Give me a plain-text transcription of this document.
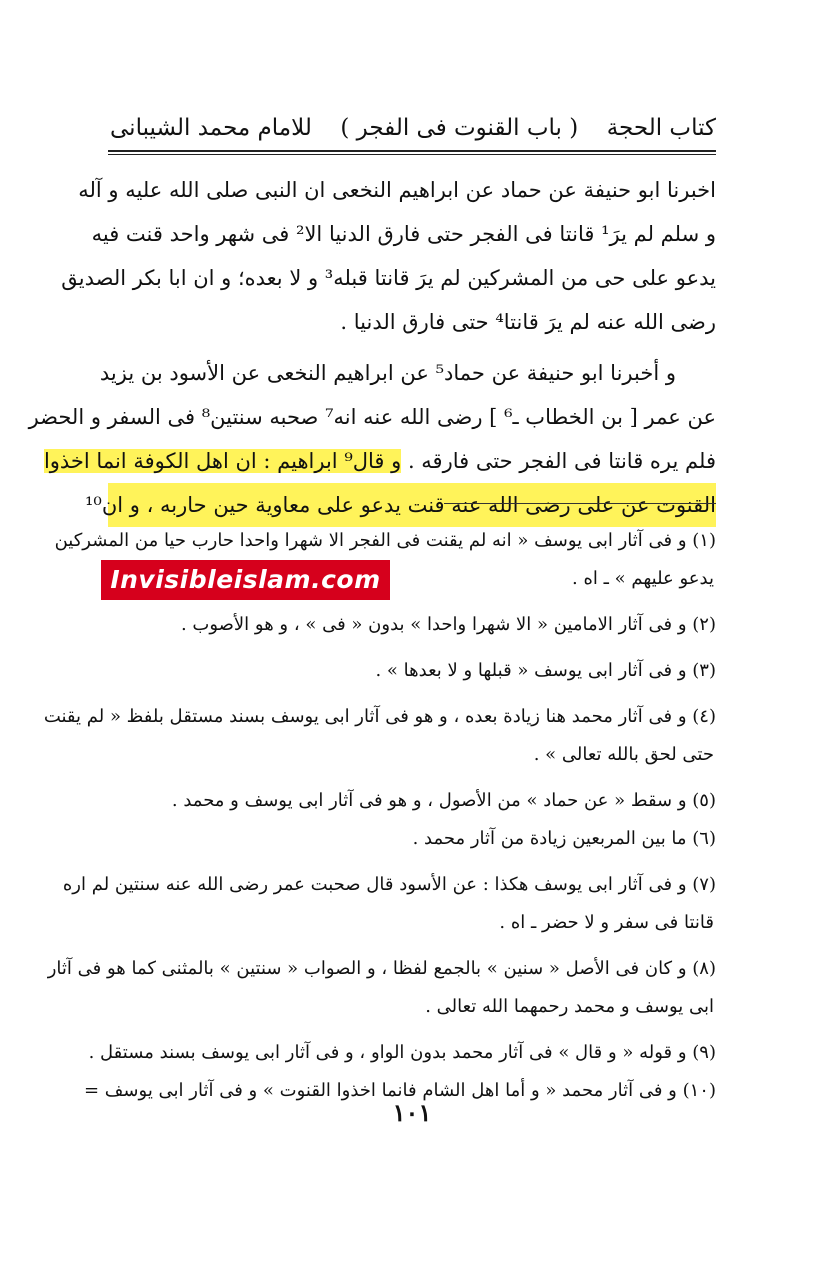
كتاب الحجة
( باب القنوت فى الفجر )
للامام محمد الشيبانى
اخبرنا ابو حنيفة عن حماد عن ابراهيم النخعى ان النبى صلى الله عليه و آله
و سلم لم يرَ¹ قانتا فى الفجر حتى فارق الدنيا الا² فى شهر واحد قنت فيه
يدعو على حى من المشركين لم يرَ قانتا قبله³ و لا بعده؛ و ان ابا بكر الصديق
رضى الله عنه لم يرَ قانتا⁴ حتى فارق الدنيا .
و أخبرنا ابو حنيفة عن حماد⁵ عن ابراهيم النخعى عن الأسود بن يزيد
عن عمر [ بن الخطاب ـ⁶ ] رضى الله عنه انه⁷ صحبه سنتين⁸ فى السفر و الحضر
فلم يره قانتا فى الفجر حتى فارقه . و قال⁹ ابراهيم : ان اهل الكوفة انما اخذوا
القنوت عن على رضى الله عنه قنت يدعو على معاوية حين حاربه ، و ان¹⁰
(١) و فى آثار ابى يوسف « انه لم يقنت فى الفجر الا شهرا واحدا حارب حيا من المشركين
يدعو عليهم » ـ اه .
(٢) و فى آثار الامامين « الا شهرا واحدا » بدون « فى » ، و هو الأصوب .
(٣) و فى آثار ابى يوسف « قبلها و لا بعدها » .
(٤) و فى آثار محمد هنا زيادة بعده ، و هو فى آثار ابى يوسف بسند مستقل بلفظ « لم يقنت
حتى لحق بالله تعالى » .
(٥) و سقط « عن حماد » من الأصول ، و هو فى آثار ابى يوسف و محمد .
(٦) ما بين المربعين زيادة من آثار محمد .
(٧) و فى آثار ابى يوسف هكذا : عن الأسود قال صحبت عمر رضى الله عنه سنتين لم اره
قانتا فى سفر و لا حضر ـ اه .
(٨) و كان فى الأصل « سنين » بالجمع لفظا ، و الصواب « سنتين » بالمثنى كما هو فى آثار
ابى يوسف و محمد رحمهما الله تعالى .
(٩) و قوله « و قال » فى آثار محمد بدون الواو ، و فى آثار ابى يوسف بسند مستقل .
(١٠) و فى آثار محمد « و أما اهل الشام فانما اخذوا القنوت » و فى آثار ابى يوسف =
Invisibleislam.com
١٠١
